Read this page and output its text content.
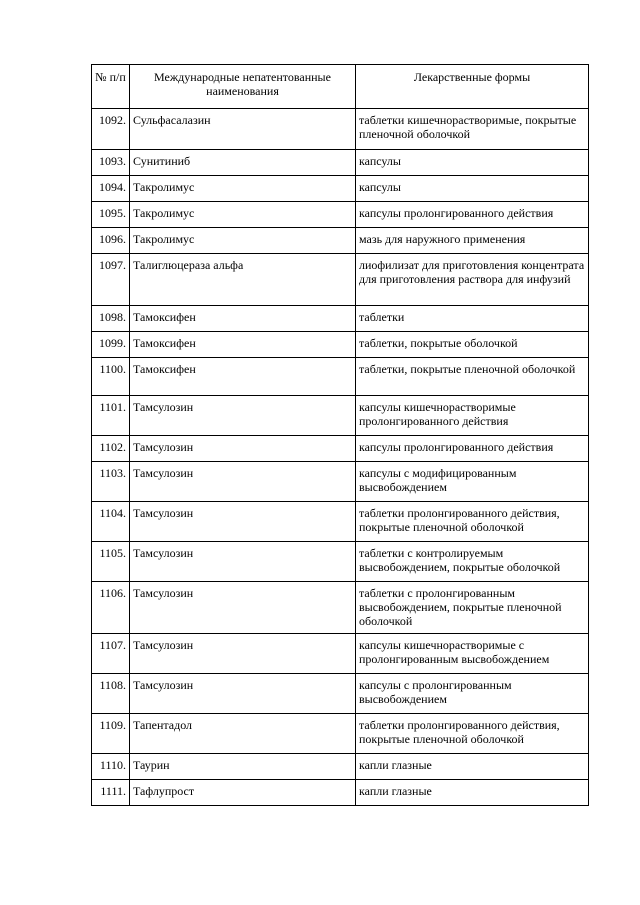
№ п/п	Международные непатентованные наименования	Лекарственные формы
1092.	Сульфасалазин	таблетки кишечнорастворимые, покрытые пленочной оболочкой
1093.	Сунитиниб	капсулы
1094.	Такролимус	капсулы
1095.	Такролимус	капсулы пролонгированного действия
1096.	Такролимус	мазь для наружного применения
1097.	Талиглюцераза альфа	лиофилизат для приготовления концентрата для приготовления раствора для инфузий
1098.	Тамоксифен	таблетки
1099.	Тамоксифен	таблетки, покрытые оболочкой
1100.	Тамоксифен	таблетки, покрытые пленочной оболочкой
1101.	Тамсулозин	капсулы кишечнорастворимые пролонгированного действия
1102.	Тамсулозин	капсулы пролонгированного действия
1103.	Тамсулозин	капсулы с модифицированным высвобождением
1104.	Тамсулозин	таблетки пролонгированного действия, покрытые пленочной оболочкой
1105.	Тамсулозин	таблетки с контролируемым высвобождением, покрытые оболочкой
1106.	Тамсулозин	таблетки с пролонгированным высвобождением, покрытые пленочной оболочкой
1107.	Тамсулозин	капсулы кишечнорастворимые с пролонгированным высвобождением
1108.	Тамсулозин	капсулы с пролонгированным высвобождением
1109.	Тапентадол	таблетки пролонгированного действия, покрытые пленочной оболочкой
1110.	Таурин	капли глазные
1111.	Тафлупрост	капли глазные
